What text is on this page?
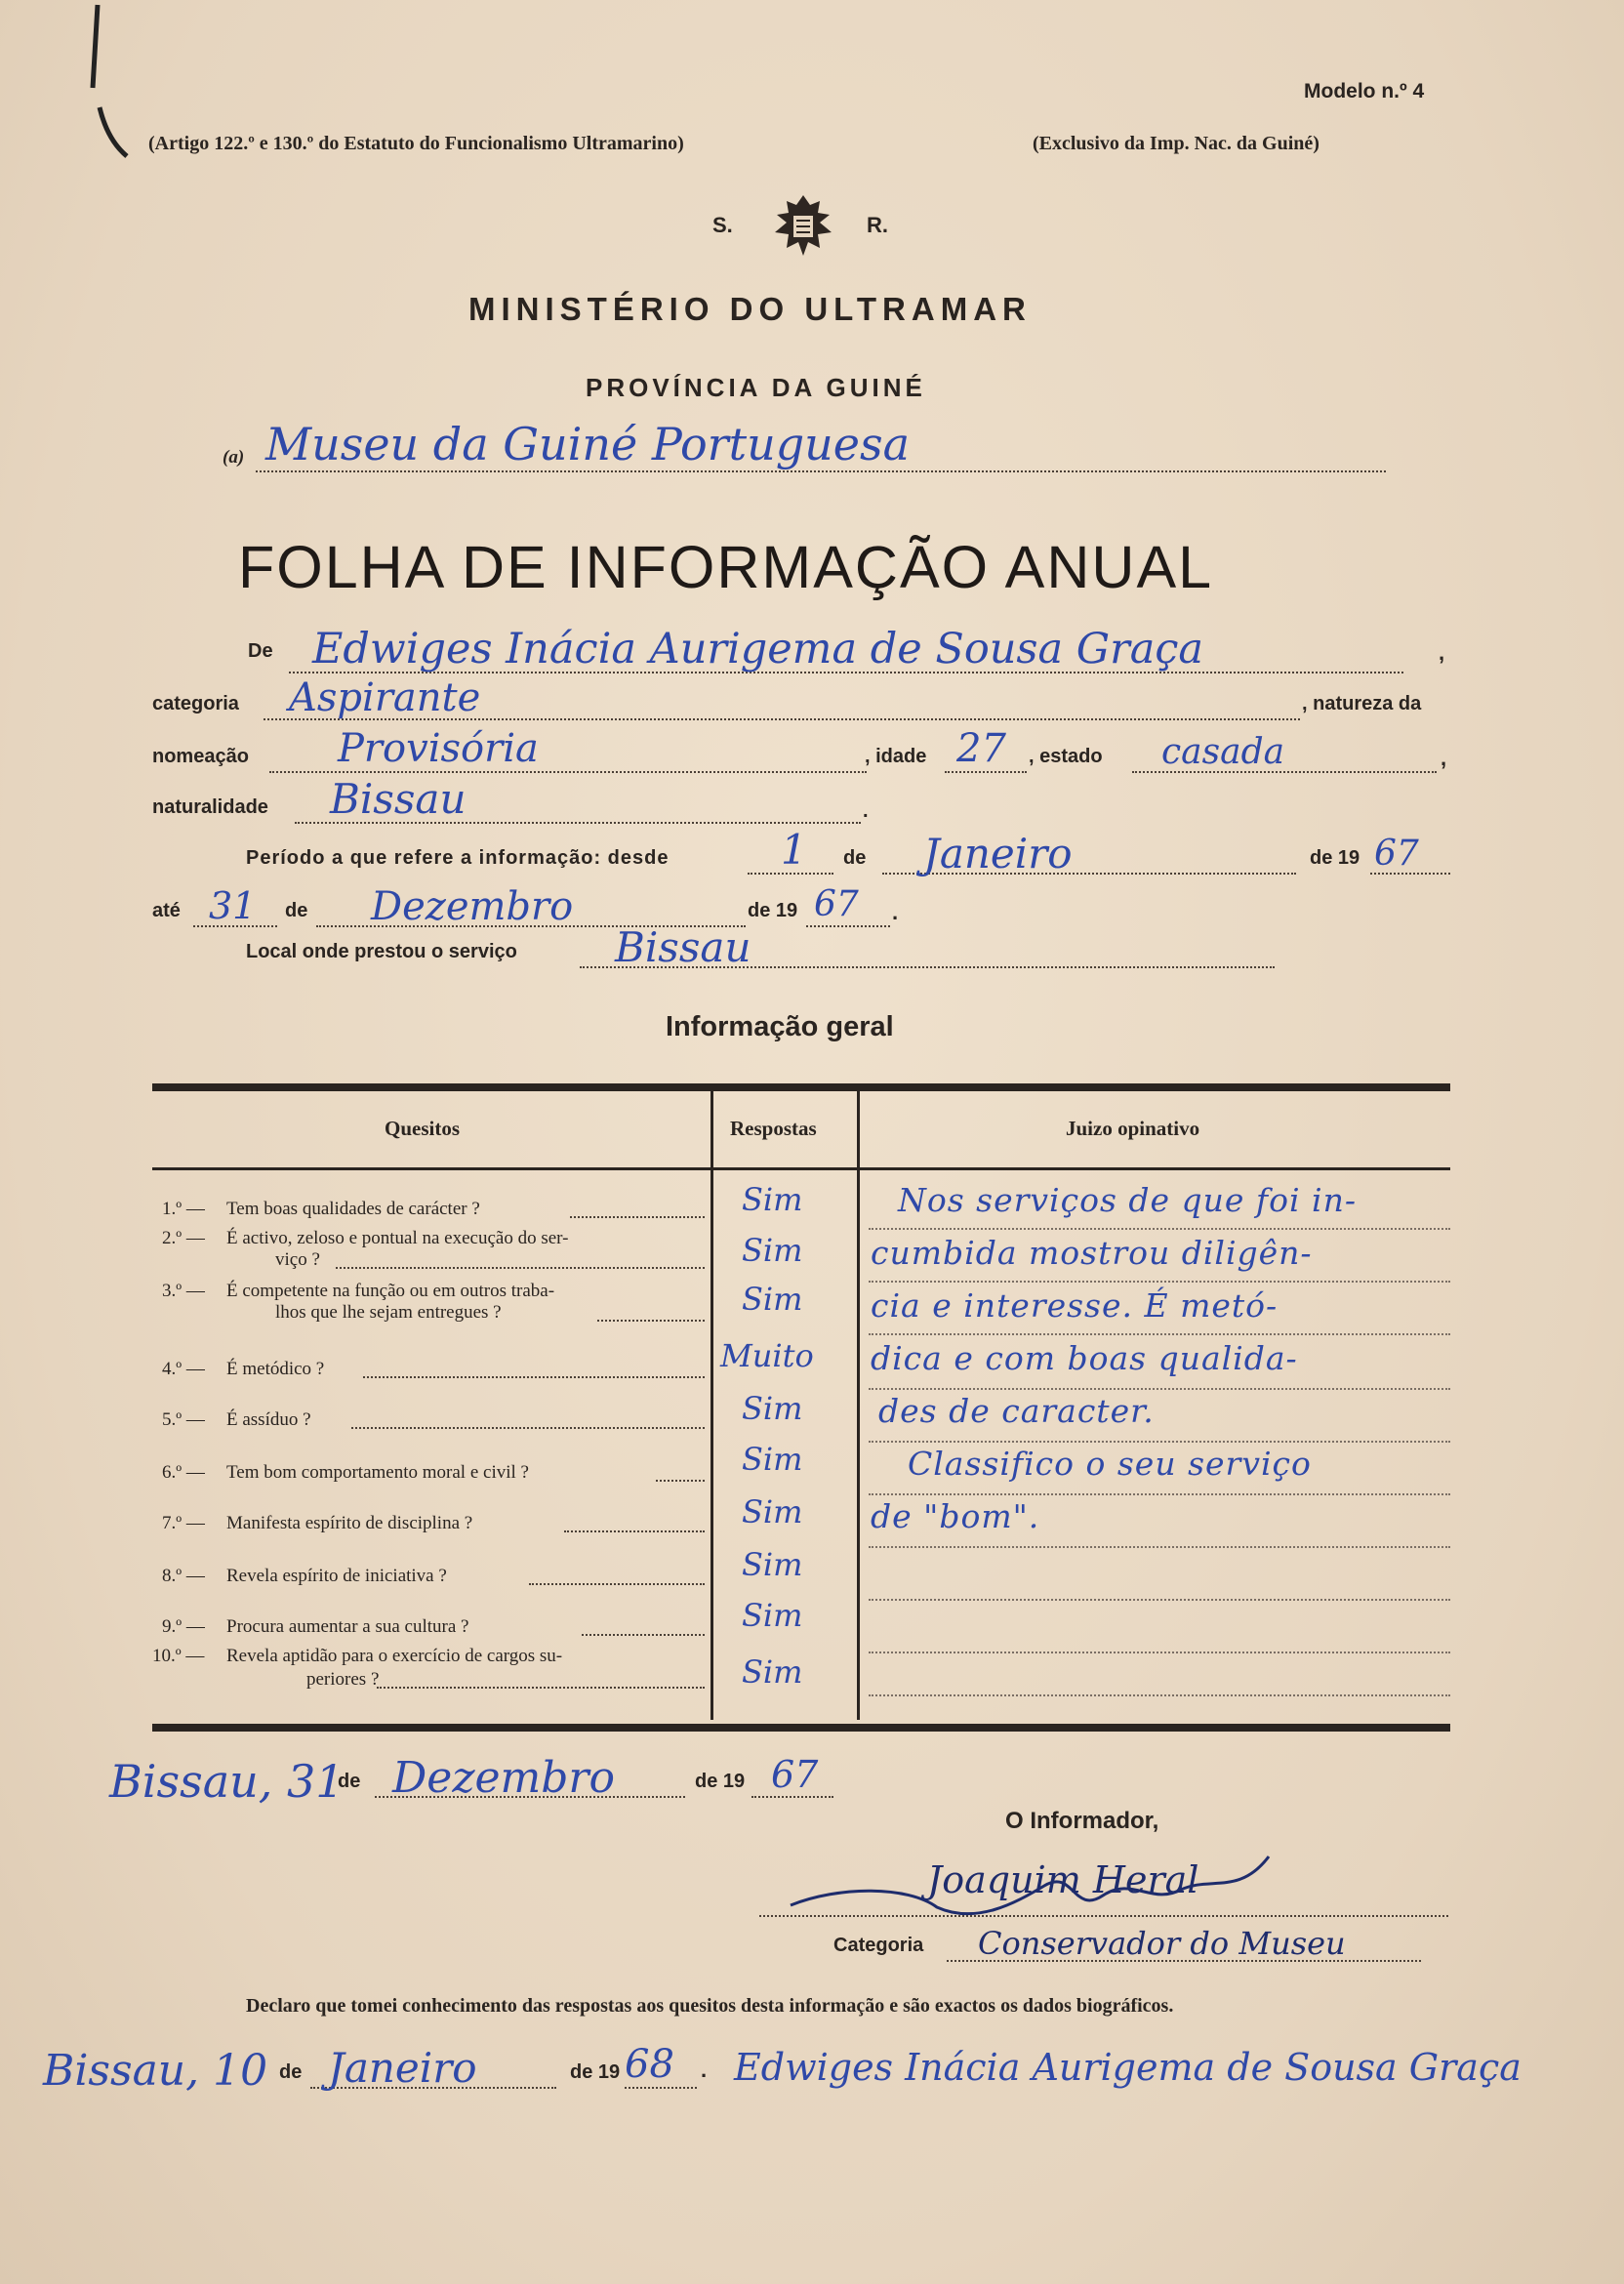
Modelo n.º 4
(Artigo 122.º e 130.º do Estatuto do Funcionalismo Ultramarino)	(Exclusivo da Imp. Nac. da Guiné)
S.	R.
MINISTÉRIO DO ULTRAMAR
PROVÍNCIA DA GUINÉ
(a) Museu da Guiné Portuguesa
FOLHA DE INFORMAÇÃO ANUAL
De Edwiges Inácia Aurigema de Sousa Graça	,
categoria Aspirante	, natureza da
nomeação Provisória	, idade 27 , estado casada	,
naturalidade Bissau	.
Período a que refere a informação: desde	1 de Janeiro	de 19 67
até 31 de Dezembro	de 19 67 .
Local onde prestou o serviço Bissau
Informação geral
Quesitos	Respostas	Juizo opinativo
1.º — Tem boas qualidades de carácter ?	Sim
2.º — É activo, zeloso e pontual na execução do ser-
viço ?	Sim
3.º — É competente na função ou em outros traba-
lhos que lhe sejam entregues ?	Sim
4.º — É metódico ?	Muito
5.º — É assíduo ?	Sim
6.º — Tem bom comportamento moral e civil ?	Sim
7.º — Manifesta espírito de disciplina ?	Sim
8.º — Revela espírito de iniciativa ?	Sim
9.º — Procura aumentar a sua cultura ?	Sim
10.º — Revela aptidão para o exercício de cargos su-
periores ?	Sim
Nos serviços de que foi in-
cumbida mostrou diligên-
cia e interesse. É metó-
dica e com boas qualida-
des de caracter.
Classifico o seu serviço
de "bom".
Bissau, 31
de Dezembro	de 19 67
O Informador,
Joaquim Heral
Categoria Conservador do Museu
Declaro que tomei conhecimento das respostas aos quesitos desta informação e são exactos os dados biográficos.
Bissau, 10 de Janeiro	de 19 68 . Edwiges Inácia Aurigema de Sousa Graça
